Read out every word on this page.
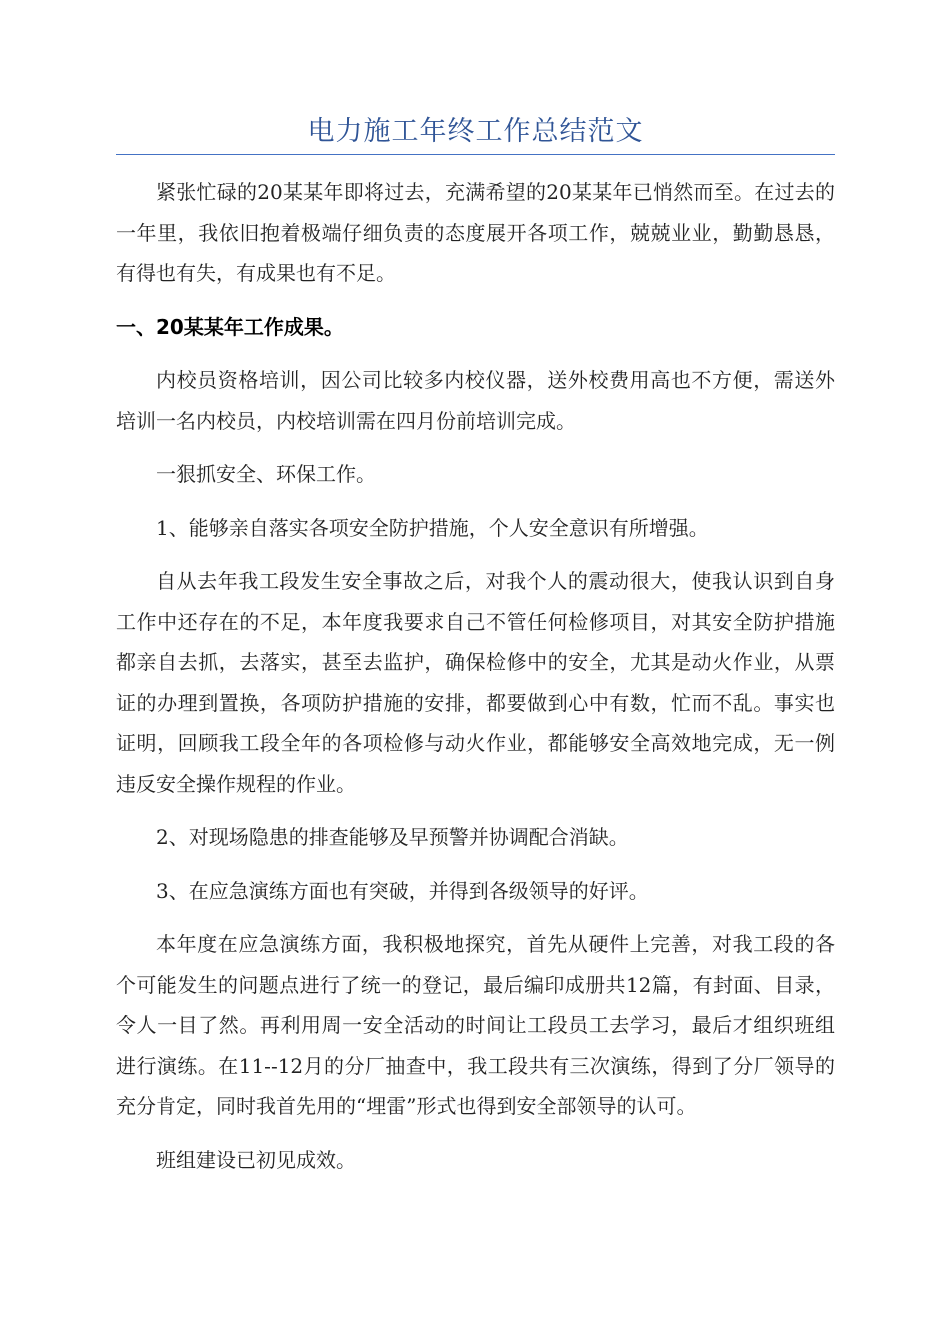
电力施工年终工作总结范文

紧张忙碌的20某某年即将过去，充满希望的20某某年已悄然而至。在过去的一年里，我依旧抱着极端仔细负责的态度展开各项工作，兢兢业业，勤勤恳恳，有得也有失，有成果也有不足。

一、20某某年工作成果。

内校员资格培训，因公司比较多内校仪器，送外校费用高也不方便，需送外培训一名内校员，内校培训需在四月份前培训完成。

一狠抓安全、环保工作。

1、能够亲自落实各项安全防护措施，个人安全意识有所增强。

自从去年我工段发生安全事故之后，对我个人的震动很大，使我认识到自身工作中还存在的不足，本年度我要求自己不管任何检修项目，对其安全防护措施都亲自去抓，去落实，甚至去监护，确保检修中的安全，尤其是动火作业，从票证的办理到置换，各项防护措施的安排，都要做到心中有数，忙而不乱。事实也证明，回顾我工段全年的各项检修与动火作业，都能够安全高效地完成，无一例违反安全操作规程的作业。

2、对现场隐患的排查能够及早预警并协调配合消缺。

3、在应急演练方面也有突破，并得到各级领导的好评。

本年度在应急演练方面，我积极地探究，首先从硬件上完善，对我工段的各个可能发生的问题点进行了统一的登记，最后编印成册共12篇，有封面、目录，令人一目了然。再利用周一安全活动的时间让工段员工去学习，最后才组织班组进行演练。在11--12月的分厂抽查中，我工段共有三次演练，得到了分厂领导的充分肯定，同时我首先用的“埋雷”形式也得到安全部领导的认可。

班组建设已初见成效。
